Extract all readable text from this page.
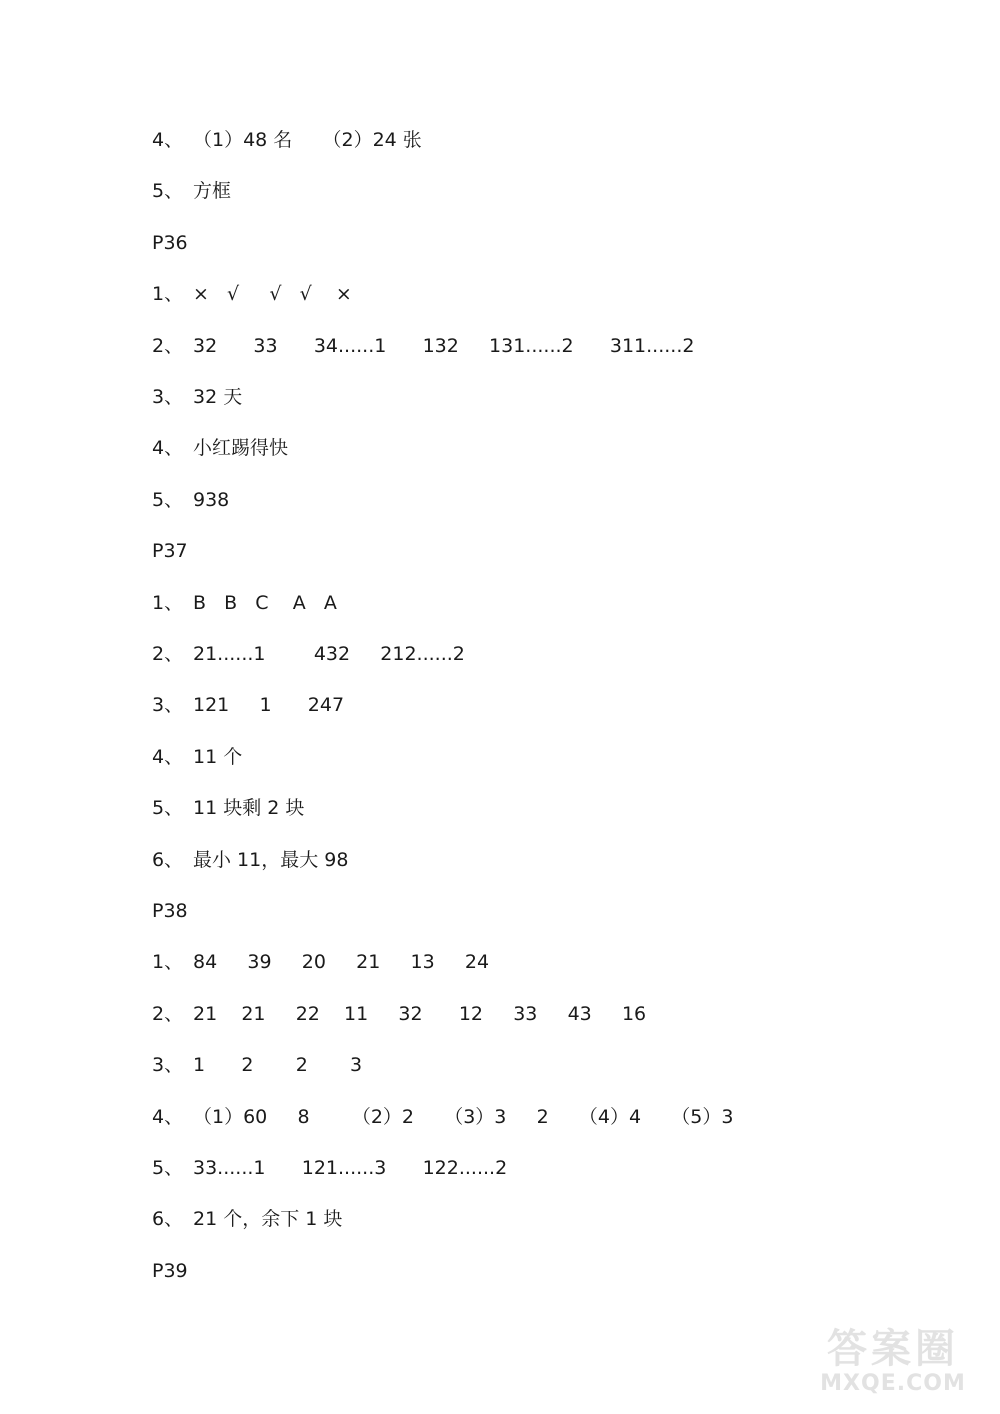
4、 （1）48 名     （2）24 张
5、 方框
P36
1、 ×   √     √   √    ×
2、 32      33      34......1      132     131......2      311......2
3、 32 天
4、 小红踢得快
5、 938
P37
1、 B   B   C    A   A
2、 21......1        432     212......2
3、 121     1      247
4、 11 个
5、 11 块剩 2 块
6、 最小 11，最大 98
P38
1、 84     39     20     21     13     24
2、 21    21     22    11     32      12     33     43     16
3、 1      2       2       3
4、 （1）60     8       （2）2     （3）3     2     （4）4     （5）3
5、 33......1      121......3      122......2
6、 21 个，余下 1 块
P39
答案圈
MXQE.COM
